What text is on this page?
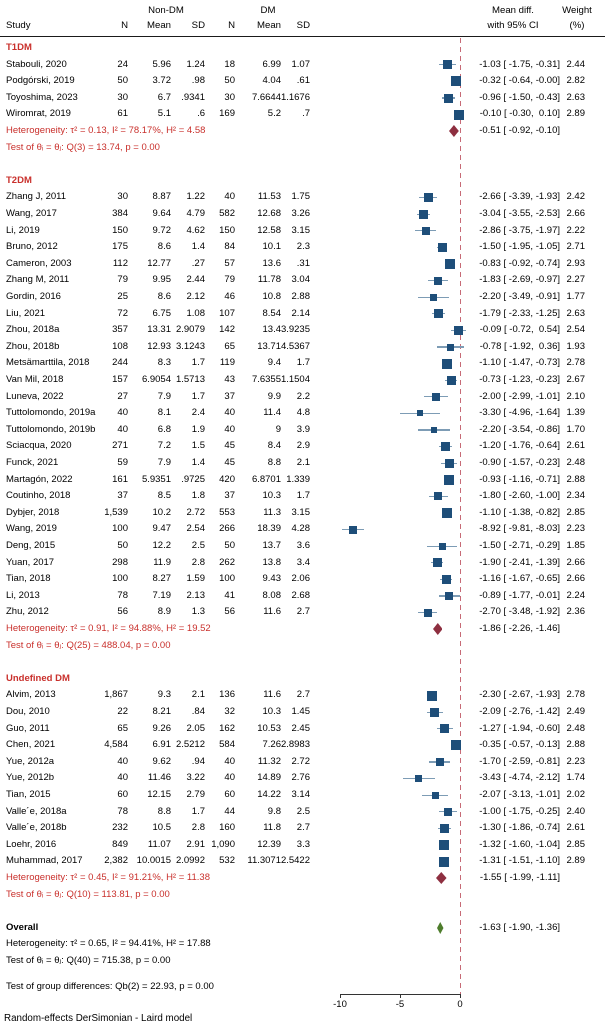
Non-DM	DM	Mean diff.	Weight
Study	N	Mean	SD	N	Mean	SD	with 95% CI	(%)
T1DM
Stabouli, 2020	24	5.96	1.24	18	6.99	1.07	-1.03 [ -1.75, -0.31] 2.44
Podgórski, 2019	50	3.72	.98	50	4.04	.61	-0.32 [ -0.64, -0.00] 2.82
Toyoshima, 2023	30	6.7	.9341	30	7.6644 1.1676	-0.96 [ -1.50, -0.43] 2.63
Wiromrat, 2019	61	5.1	.6	169	5.2	.7	-0.10 [ -0.30,  0.10] 2.89
Heterogeneity: τ² = 0.13, I² = 78.17%, H² = 4.58	-0.51 [ -0.92, -0.10]
Test of θᵢ = θⱼ: Q(3) = 13.74, p = 0.00
T2DM
Zhang J, 2011	30	8.87	1.22	40	11.53	1.75	-2.66 [ -3.39, -1.93] 2.42
Wang, 2017	384	9.64	4.79	582	12.68	3.26	-3.04 [ -3.55, -2.53] 2.66
Li, 2019	150	9.72	4.62	150	12.58	3.15	-2.86 [ -3.75, -1.97] 2.22
Bruno, 2012	175	8.6	1.4	84	10.1	2.3	-1.50 [ -1.95, -1.05] 2.71
Cameron, 2003	112	12.77	.27	57	13.6	.31	-0.83 [ -0.92, -0.74] 2.93
Zhang M, 2011	79	9.95	2.44	79	11.78	3.04	-1.83 [ -2.69, -0.97] 2.27
Gordin, 2016	25	8.6	2.12	46	10.8	2.88	-2.20 [ -3.49, -0.91] 1.77
Liu, 2021	72	6.75	1.08	107	8.54	2.14	-1.79 [ -2.33, -1.25] 2.63
Zhou, 2018a	357	13.31 2.9079	142	13.4 3.9235	-0.09 [ -0.72,  0.54] 2.54
Zhou, 2018b	108	12.93 3.1243	65	13.71 4.5367	-0.78 [ -1.92,  0.36] 1.93
Metsämarttila, 2018	244	8.3	1.7	119	9.4	1.7	-1.10 [ -1.47, -0.73] 2.78
Van Mil, 2018	157	6.9054 1.5713	43	7.6355 1.1504	-0.73 [ -1.23, -0.23] 2.67
Luneva, 2022	27	7.9	1.7	37	9.9	2.2	-2.00 [ -2.99, -1.01] 2.10
Tuttolomondo, 2019a	40	8.1	2.4	40	11.4	4.8	-3.30 [ -4.96, -1.64] 1.39
Tuttolomondo, 2019b	40	6.8	1.9	40	9	3.9	-2.20 [ -3.54, -0.86] 1.70
Sciacqua, 2020	271	7.2	1.5	45	8.4	2.9	-1.20 [ -1.76, -0.64] 2.61
Funck, 2021	59	7.9	1.4	45	8.8	2.1	-0.90 [ -1.57, -0.23] 2.48
Martagón, 2022	161	5.9351	.9725	420	6.8701 1.339	-0.93 [ -1.16, -0.71] 2.88
Coutinho, 2018	37	8.5	1.8	37	10.3	1.7	-1.80 [ -2.60, -1.00] 2.34
Dybjer, 2018	1,539	10.2	2.72	553	11.3	3.15	-1.10 [ -1.38, -0.82] 2.85
Wang, 2019	100	9.47	2.54	266	18.39	4.28	-8.92 [ -9.81, -8.03] 2.23
Deng, 2015	50	12.2	2.5	50	13.7	3.6	-1.50 [ -2.71, -0.29] 1.85
Yuan, 2017	298	11.9	2.8	262	13.8	3.4	-1.90 [ -2.41, -1.39] 2.66
Tian, 2018	100	8.27	1.59	100	9.43	2.06	-1.16 [ -1.67, -0.65] 2.66
Li, 2013	78	7.19	2.13	41	8.08	2.68	-0.89 [ -1.77, -0.01] 2.24
Zhu, 2012	56	8.9	1.3	56	11.6	2.7	-2.70 [ -3.48, -1.92] 2.36
Heterogeneity: τ² = 0.91, I² = 94.88%, H² = 19.52	-1.86 [ -2.26, -1.46]
Test of θᵢ = θⱼ: Q(25) = 488.04, p = 0.00
Undefined DM
Alvim, 2013	1,867	9.3	2.1	136	11.6	2.7	-2.30 [ -2.67, -1.93] 2.78
Dou, 2010	22	8.21	.84	32	10.3	1.45	-2.09 [ -2.76, -1.42] 2.49
Guo, 2011	65	9.26	2.05	162	10.53	2.45	-1.27 [ -1.94, -0.60] 2.48
Chen, 2021	4,584	6.91 2.5212	584	7.26 2.8983	-0.35 [ -0.57, -0.13] 2.88
Yue, 2012a	40	9.62	.94	40	11.32	2.72	-1.70 [ -2.59, -0.81] 2.23
Yue, 2012b	40	11.46	3.22	40	14.89	2.76	-3.43 [ -4.74, -2.12] 1.74
Tian, 2015	60	12.15	2.79	60	14.22	3.14	-2.07 [ -3.13, -1.01] 2.02
Valle´e, 2018a	78	8.8	1.7	44	9.8	2.5	-1.00 [ -1.75, -0.25] 2.40
Valle´e, 2018b	232	10.5	2.8	160	11.8	2.7	-1.30 [ -1.86, -0.74] 2.61
Loehr, 2016	849	11.07	2.91 1,090	12.39	3.3	-1.32 [ -1.60, -1.04] 2.85
Muhammad, 2017	2,382 10.0015 2.0992	532	11.3071 2.5422	-1.31 [ -1.51, -1.10] 2.89
Heterogeneity: τ² = 0.45, I² = 91.21%, H² = 11.38	-1.55 [ -1.99, -1.11]
Test of θᵢ = θⱼ: Q(10) = 113.81, p = 0.00
Overall	-1.63 [ -1.90, -1.36]
Heterogeneity: τ² = 0.65, I² = 94.41%, H² = 17.88
Test of θᵢ = θⱼ: Q(40) = 715.38, p = 0.00
Test of group differences: Qb(2) = 22.93, p = 0.00
-10	-5	0
Random-effects DerSimonian - Laird model
